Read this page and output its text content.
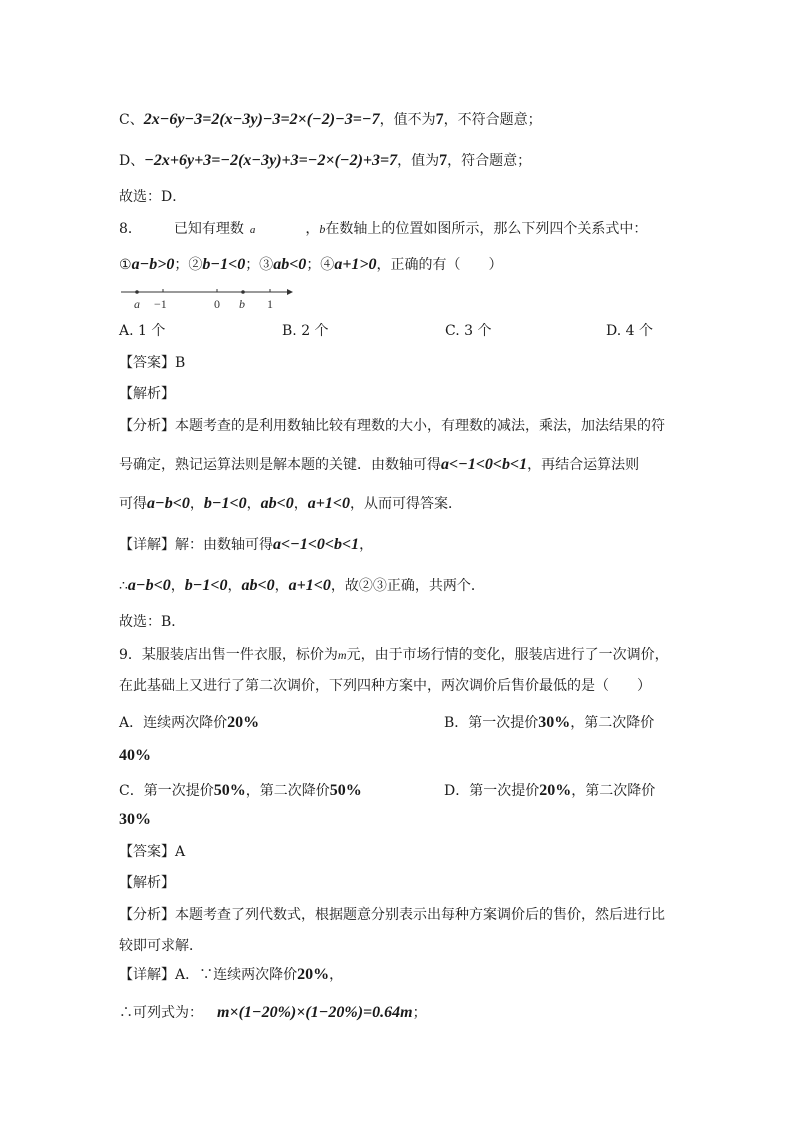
C、2x−6y−3=2(x−3y)−3=2×(−2)−3=−7，值不为7，不符合题意；
D、−2x+6y+3=−2(x−3y)+3=−2×(−2)+3=7，值为7，符合题意；
故选：D．
8． 已知有理数 a	，b在数轴上的位置如图所示，那么下列四个关系式中：
①a−b>0；②b−1<0；③ab<0；④a+1>0，正确的有（　　）
a −1	0 b 1
A. 1 个	B. 2 个	C. 3 个	D. 4 个
【答案】B
【解析】
【分析】本题考查的是利用数轴比较有理数的大小，有理数的减法，乘法，加法结果的符
号确定，熟记运算法则是解本题的关键．由数轴可得a<−1<0<b<1，再结合运算法则
可得a−b<0，b−1<0，ab<0，a+1<0，从而可得答案．
【详解】解：由数轴可得a<−1<0<b<1，
∴a−b<0，b−1<0，ab<0，a+1<0，故②③正确，共两个．
故选：B．
9．某服装店出售一件衣服，标价为m元，由于市场行情的变化，服装店进行了一次调价，
在此基础上又进行了第二次调价，下列四种方案中，两次调价后售价最低的是（　　）
A．连续两次降价20%	B．第一次提价30%，第二次降价
40%
C．第一次提价50%，第二次降价50%	D．第一次提价20%，第二次降价
30%
【答案】A
【解析】
【分析】本题考查了列代数式，根据题意分别表示出每种方案调价后的售价，然后进行比
较即可求解．
【详解】A．∵连续两次降价20%，
∴可列式为： m×(1−20%)×(1−20%)=0.64m；
